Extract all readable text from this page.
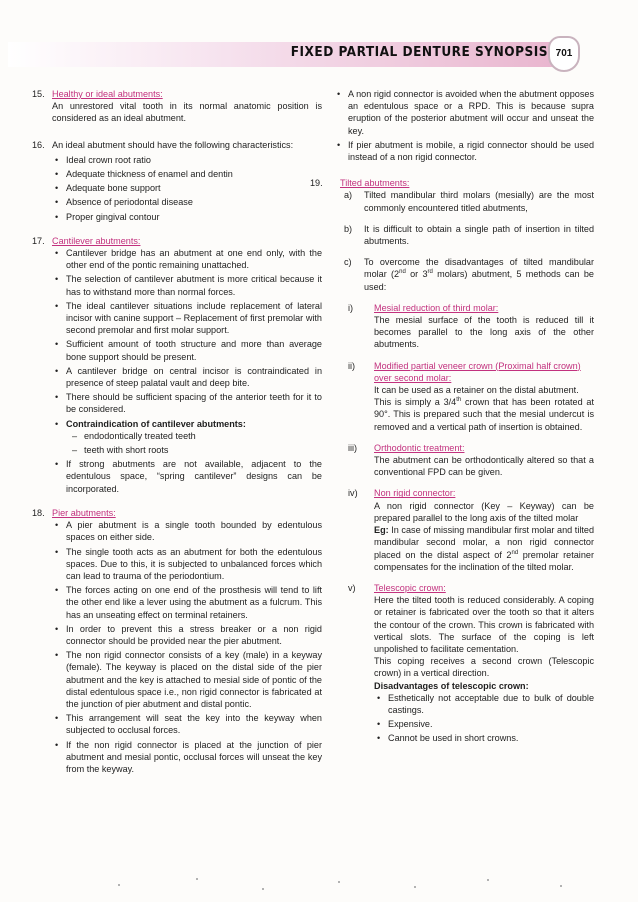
FIXED PARTIAL DENTURE SYNOPSIS 701
15. Healthy or ideal abutments:

An unrestored vital tooth in its normal anatomic position is considered as an ideal abutment.

16. An ideal abutment should have the following characteristics:

• Ideal crown root ratio
• Adequate thickness of enamel and dentin
• Adequate bone support
• Absence of periodontal disease
• Proper gingival contour
17. Cantilever abutments:
• Cantilever bridge has an abutment at one end only, with the other end of the pontic remaining unattached.
• The selection of cantilever abutment is more critical because it has to withstand more than normal forces.
• The ideal cantilever situations include replacement of lateral incisor with canine support – Replacement of first premolar with second premolar and first molar support.
• Sufficient amount of tooth structure and more than average bone support should be present.
• A cantilever bridge on central incisor is contraindicated in presence of steep palatal vault and deep bite.
• There should be sufficient spacing of the anterior teeth for it to be considered.
• Contraindication of cantilever abutments:
– endodontically treated teeth
– teeth with short roots
• If strong abutments are not available, adjacent to the edentulous space, “spring cantilever” designs can be incorporated.
18. Pier abutments:
• A pier abutment is a single tooth bounded by edentulous spaces on either side.
• The single tooth acts as an abutment for both the edentulous spaces. Due to this, it is subjected to unbalanced forces which can lead to trauma of the periodontium.
• The forces acting on one end of the prosthesis will tend to lift the other end like a lever using the abutment as a fulcrum. This has an unseating effect on terminal retainers.
• In order to prevent this a stress breaker or a non rigid connector should be provided near the pier abutment.
• The non rigid connector consists of a key (male) in a keyway (female). The keyway is placed on the distal side of the pier abutment and the key is attached to mesial side of pontic of the distal edentulous space i.e., non rigid connector is fabricated at the junction of pier abutment and distal pontic.
• This arrangement will seat the key into the keyway when subjected to occlusal forces.
• If the non rigid connector is placed at the junction of pier abutment and mesial pontic, occlusal forces will unseat the key from the keyway.
• A non rigid connector is avoided when the abutment opposes an edentulous space or a RPD. This is because supra eruption of the posterior abutment will occur and unseat the key.
• If pier abutment is mobile, a rigid connector should be used instead of a non rigid connector.
19. Tilted abutments:
a) Tilted mandibular third molars (mesially) are the most commonly encountered titled abutments,

b) It is difficult to obtain a single path of insertion in tilted abutments.

c) To overcome the disadvantages of tilted mandibular molar (2nd or 3rd molars) abutment, 5 methods can be used:

i) Mesial reduction of third molar:

The mesial surface of the tooth is reduced till it becomes parallel to the long axis of the other abutments.

ii) Modified partial veneer crown (Proximal half crown) over second molar:

It can be used as a retainer on the distal abutment.

This is simply a 3/4th crown that has been rotated at 90°. This is prepared such that the mesial undercut is removed and a vertical path of insertion is obtained.

iii) Orthodontic treatment:

The abutment can be orthodontically altered so that a conventional FPD can be given.

iv) Non rigid connector:

A non rigid connector (Key – Keyway) can be prepared parallel to the long axis of the tilted molar

Eg: In case of missing mandibular first molar and tilted mandibular second molar, a non rigid connector placed on the distal aspect of 2nd premolar retainer compensates for the inclination of the tilted molar.

v) Telescopic crown:

Here the tilted tooth is reduced considerably. A coping or retainer is fabricated over the tooth so that it alters the contour of the crown. This crown is fabricated with vertical slots. The surface of the coping is left unpolished to facilitate cementation.

This coping receives a second crown (Telescopic crown) in a vertical direction.

Disadvantages of telescopic crown:

• Esthetically not acceptable due to bulk of double castings.
• Expensive.
• Cannot be used in short crowns.
